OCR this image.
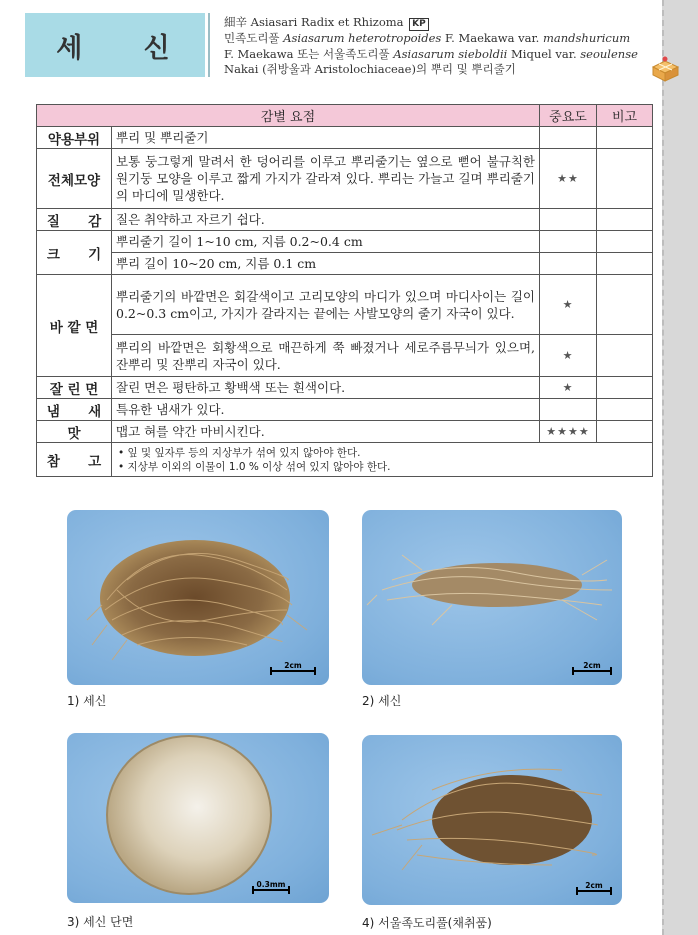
세 신
細辛 Asiasari Radix et Rhizoma KP
민족도리풀 Asiasarum heterotropoides F. Maekawa var. mandshuricum
F. Maekawa 또는 서울족도리풀 Asiasarum sieboldii Miquel var. seoulense
Nakai (쥐방울과 Aristolochiaceae)의 뿌리 및 뿌리줄기
감별 요점		중요도	비고
약용부위	뿌리 및 뿌리줄기		
전체모양	보통 둥그렇게 말려서 한 덩어리를 이루고 뿌리줄기는 옆으로 뻗어 불규칙한 원기둥 모양을 이루고 짧게 가지가 갈라져 있다. 뿌리는 가늘고 길며 뿌리줄기의 마디에 밀생한다.	★★	
질      감	질은 취약하고 자르기 쉽다.		
크      기	뿌리줄기 길이 1~10 cm, 지름 0.2~0.4 cm		
	뿌리 길이 10~20 cm, 지름 0.1 cm		
바 깥 면	뿌리줄기의 바깥면은 회갈색이고 고리모양의 마디가 있으며 마디사이는 길이 0.2~0.3 cm이고, 가지가 갈라지는 끝에는 사발모양의 줄기 자국이 있다.	★	
	뿌리의 바깥면은 회황색으로 매끈하게 쭉 빠졌거나 세로주름무늬가 있으며, 잔뿌리 및 잔뿌리 자국이 있다.	★	
잘 린 면	잘린 면은 평탄하고 황백색 또는 흰색이다.	★	
냄      새	특유한 냄새가 있다.		
맛	맵고 혀를 약간 마비시킨다.	★★★★	
참      고	• 잎 및 잎자루 등의 지상부가 섞여 있지 않아야 한다.
• 지상부 이외의 이물이 1.0 % 이상 섞여 있지 않아야 한다.
2cm
1) 세신
2cm
2) 세신
0.3mm
3) 세신 단면
2cm
4) 서울족도리풀(채취품)
